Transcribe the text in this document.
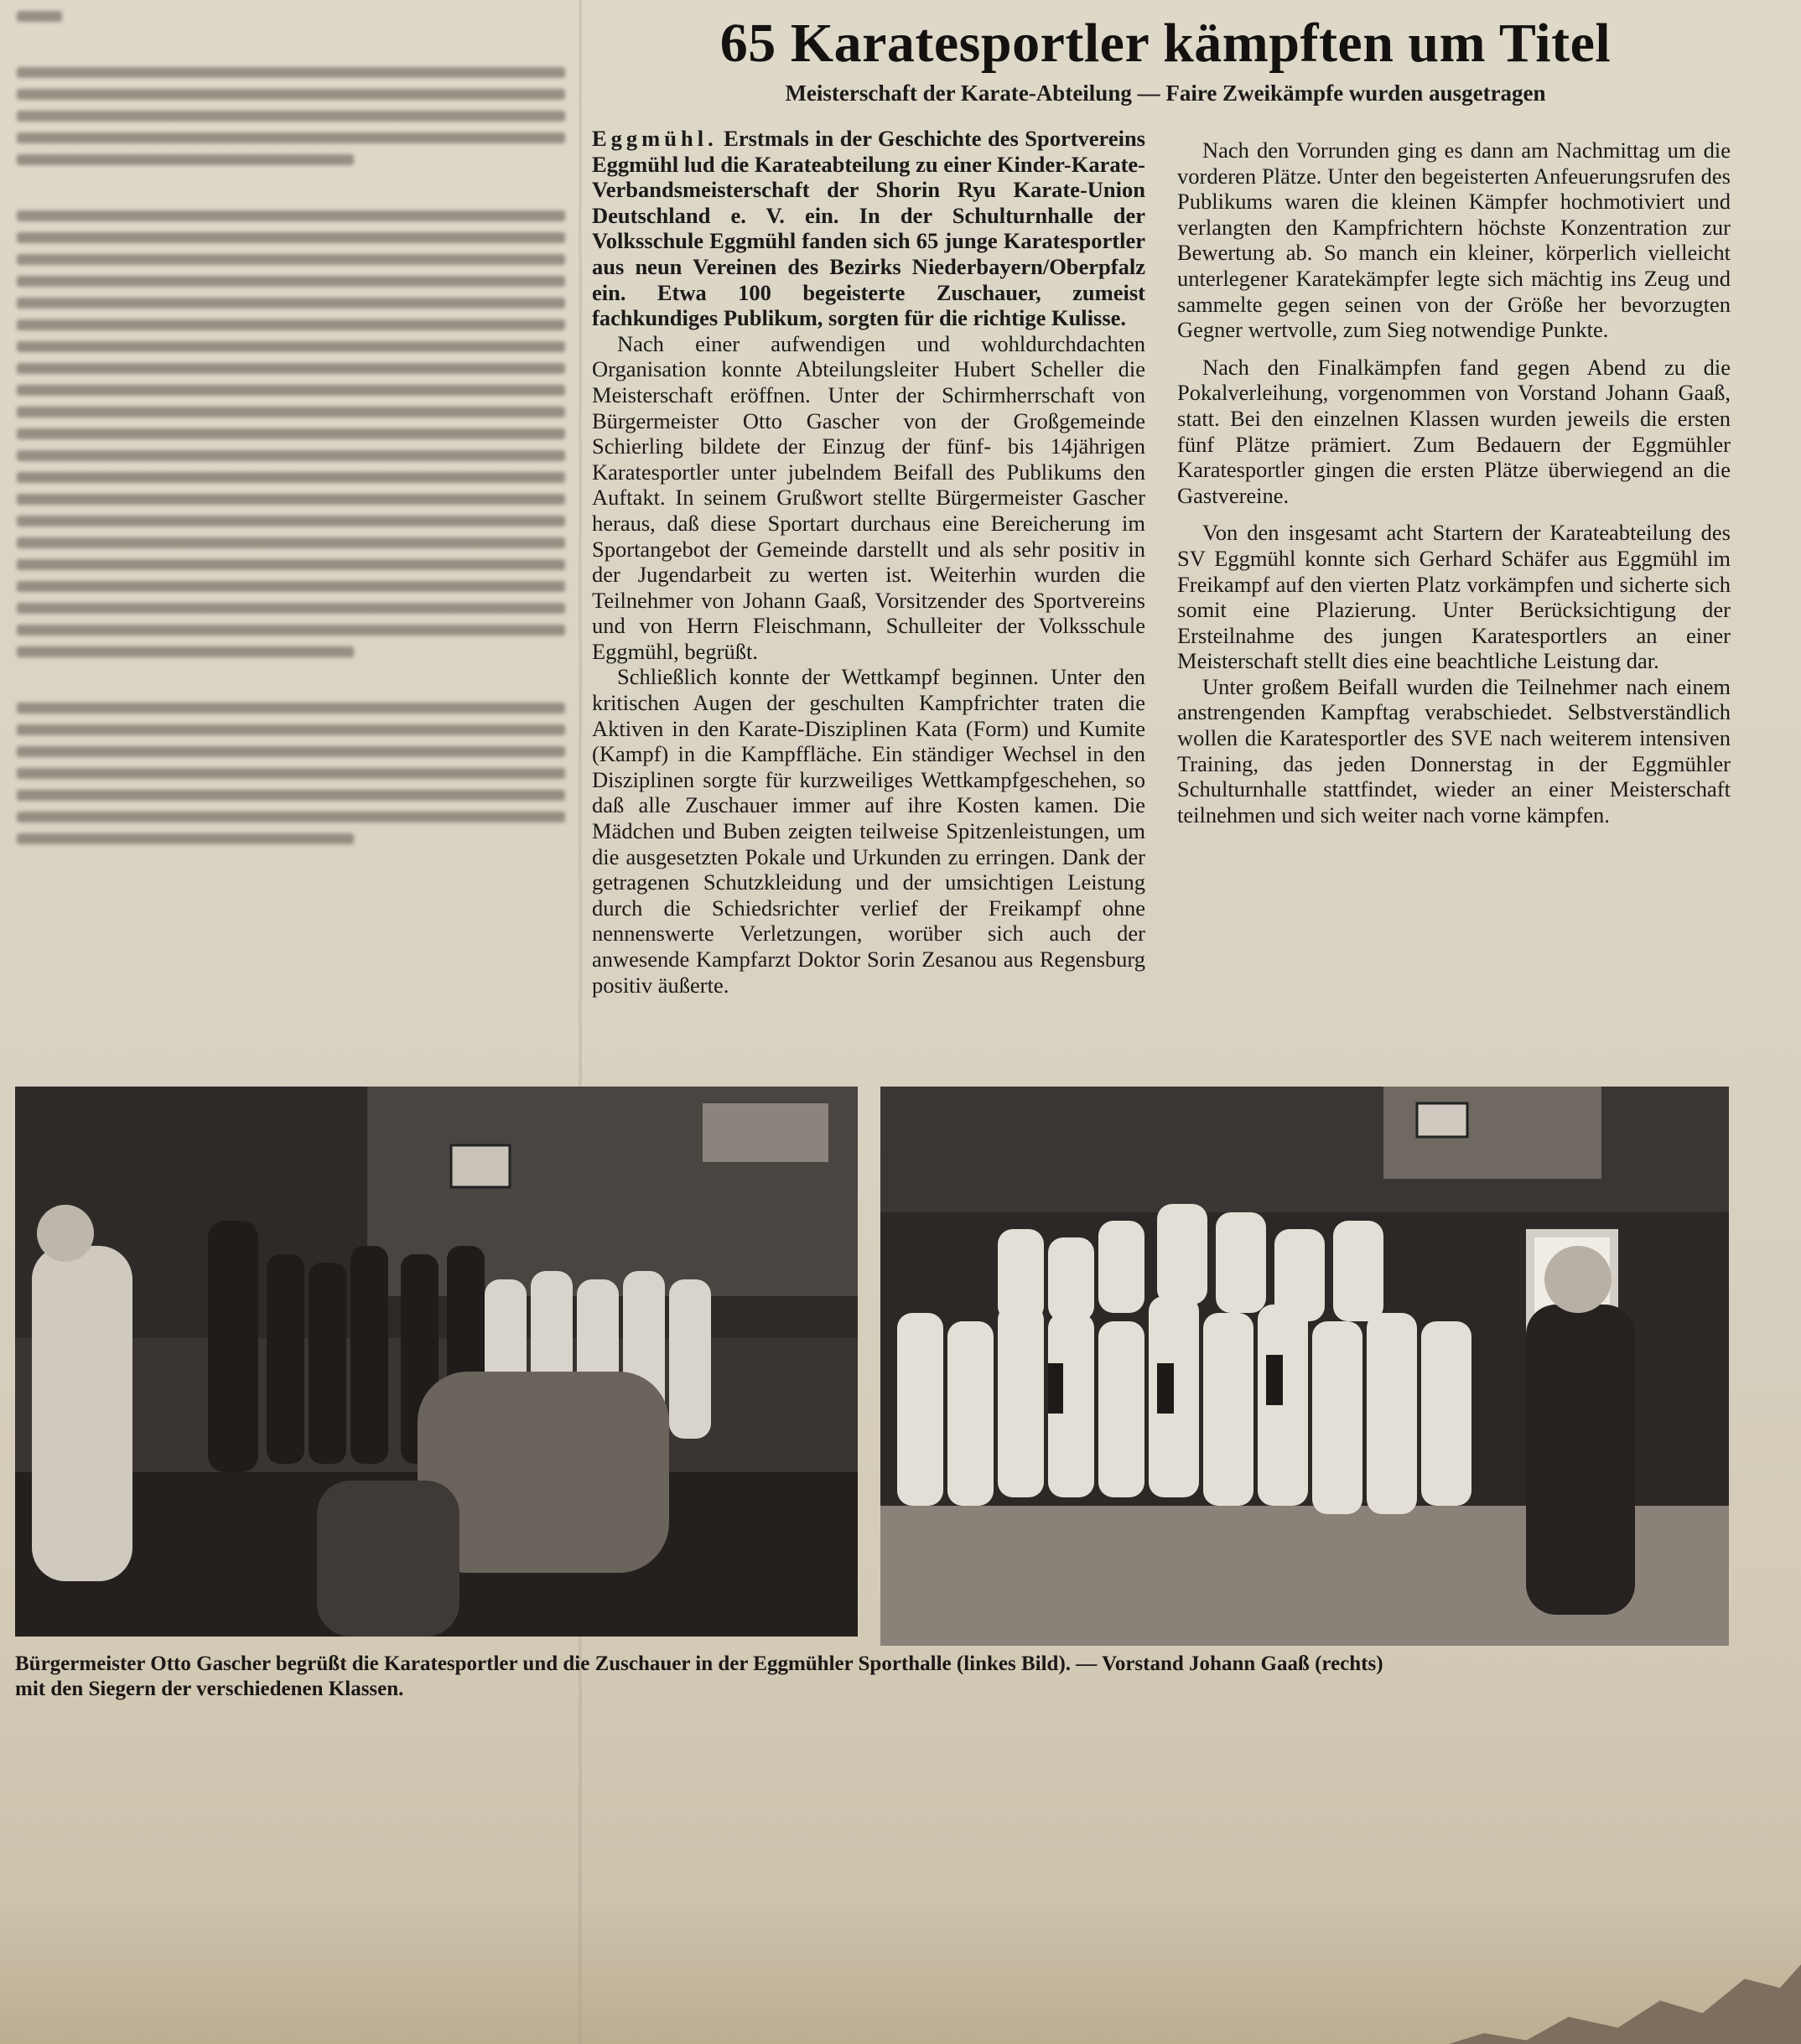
65 Karatesportler kämpften um Titel
Meisterschaft der Karate-Abteilung — Faire Zweikämpfe wurden ausgetragen

Eggmühl. Erstmals in der Geschichte des Sportvereins Eggmühl lud die Karateabteilung zu einer Kinder-Karate-Verbandsmeisterschaft der Shorin Ryu Karate-Union Deutschland e. V. ein. In der Schulturnhalle der Volksschule Eggmühl fanden sich 65 junge Karatesportler aus neun Vereinen des Bezirks Niederbayern/Oberpfalz ein. Etwa 100 begeisterte Zuschauer, zumeist fachkundiges Publikum, sorgten für die richtige Kulisse.

Nach einer aufwendigen und wohldurchdachten Organisation konnte Abteilungsleiter Hubert Scheller die Meisterschaft eröffnen. Unter der Schirmherrschaft von Bürgermeister Otto Gascher von der Großgemeinde Schierling bildete der Einzug der fünf- bis 14jährigen Karatesportler unter jubelndem Beifall des Publikums den Auftakt. In seinem Grußwort stellte Bürgermeister Gascher heraus, daß diese Sportart durchaus eine Bereicherung im Sportangebot der Gemeinde darstellt und als sehr positiv in der Jugendarbeit zu werten ist. Weiterhin wurden die Teilnehmer von Johann Gaaß, Vorsitzender des Sportvereins und von Herrn Fleischmann, Schulleiter der Volksschule Eggmühl, begrüßt.

Schließlich konnte der Wettkampf beginnen. Unter den kritischen Augen der geschulten Kampfrichter traten die Aktiven in den Karate-Disziplinen Kata (Form) und Kumite (Kampf) in die Kampffläche. Ein ständiger Wechsel in den Disziplinen sorgte für kurzweiliges Wettkampfgeschehen, so daß alle Zuschauer immer auf ihre Kosten kamen. Die Mädchen und Buben zeigten teilweise Spitzenleistungen, um die ausgesetzten Pokale und Urkunden zu erringen. Dank der getragenen Schutzkleidung und der umsichtigen Leistung durch die Schiedsrichter verlief der Freikampf ohne nennenswerte Verletzungen, worüber sich auch der anwesende Kampfarzt Doktor Sorin Zesanou aus Regensburg positiv äußerte.

Nach den Vorrunden ging es dann am Nachmittag um die vorderen Plätze. Unter den begeisterten Anfeuerungsrufen des Publikums waren die kleinen Kämpfer hochmotiviert und verlangten den Kampfrichtern höchste Konzentration zur Bewertung ab. So manch ein kleiner, körperlich vielleicht unterlegener Karatekämpfer legte sich mächtig ins Zeug und sammelte gegen seinen von der Größe her bevorzugten Gegner wertvolle, zum Sieg notwendige Punkte.

Nach den Finalkämpfen fand gegen Abend zu die Pokalverleihung, vorgenommen von Vorstand Johann Gaaß, statt. Bei den einzelnen Klassen wurden jeweils die ersten fünf Plätze prämiert. Zum Bedauern der Eggmühler Karatesportler gingen die ersten Plätze überwiegend an die Gastvereine.

Von den insgesamt acht Startern der Karateabteilung des SV Eggmühl konnte sich Gerhard Schäfer aus Eggmühl im Freikampf auf den vierten Platz vorkämpfen und sicherte sich somit eine Plazierung. Unter Berücksichtigung der Ersteilnahme des jungen Karatesportlers an einer Meisterschaft stellt dies eine beachtliche Leistung dar.

Unter großem Beifall wurden die Teilnehmer nach einem anstrengenden Kampftag verabschiedet. Selbstverständlich wollen die Karatesportler des SVE nach weiterem intensiven Training, das jeden Donnerstag in der Eggmühler Schulturnhalle stattfindet, wieder an einer Meisterschaft teilnehmen und sich weiter nach vorne kämpfen.

Bürgermeister Otto Gascher begrüßt die Karatesportler und die Zuschauer in der Eggmühler Sporthalle (linkes Bild). — Vorstand Johann Gaaß (rechts)
mit den Siegern der verschiedenen Klassen.
